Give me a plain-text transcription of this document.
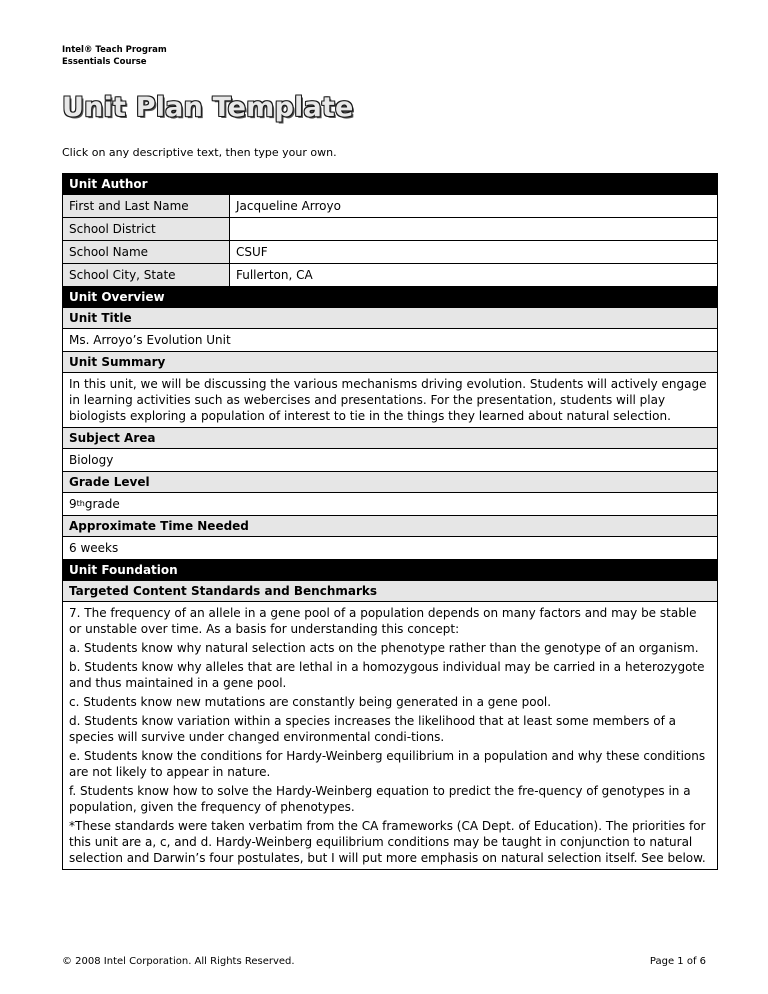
Intel® Teach Program
Essentials Course
Unit Plan Template
Click on any descriptive text, then type your own.
Unit Author
First and Last Name	Jacqueline Arroyo
School District
School Name	CSUF
School City, State	Fullerton, CA
Unit Overview
Unit Title
Ms. Arroyo’s Evolution Unit
Unit Summary
In this unit, we will be discussing the various mechanisms driving evolution. Students will actively engage in learning activities such as webercises and presentations. For the presentation, students will play biologists exploring a population of interest to tie in the things they learned about natural selection.
Subject Area
Biology
Grade Level
9 th grade
Approximate Time Needed
6 weeks
Unit Foundation
Targeted Content Standards and Benchmarks

7. The frequency of an allele in a gene pool of a population depends on many factors and may be stable or unstable over time. As a basis for understanding this concept:

a. Students know why natural selection acts on the phenotype rather than the genotype of an organism.

b. Students know why alleles that are lethal in a homozygous individual may be carried in a heterozygote and thus maintained in a gene pool.

c. Students know new mutations are constantly being generated in a gene pool.

d. Students know variation within a species increases the likelihood that at least some members of a species will survive under changed environmental condi-tions.

e. Students know the conditions for Hardy-Weinberg equilibrium in a population and why these conditions are not likely to appear in nature.

f. Students know how to solve the Hardy-Weinberg equation to predict the fre-quency of genotypes in a population, given the frequency of phenotypes.

*These standards were taken verbatim from the CA frameworks (CA Dept. of Education). The priorities for this unit are a, c, and d. Hardy-Weinberg equilibrium conditions may be taught in conjunction to natural selection and Darwin’s four postulates, but I will put more emphasis on natural selection itself. See below.

© 2008 Intel Corporation. All Rights Reserved.	Page 1 of 6
